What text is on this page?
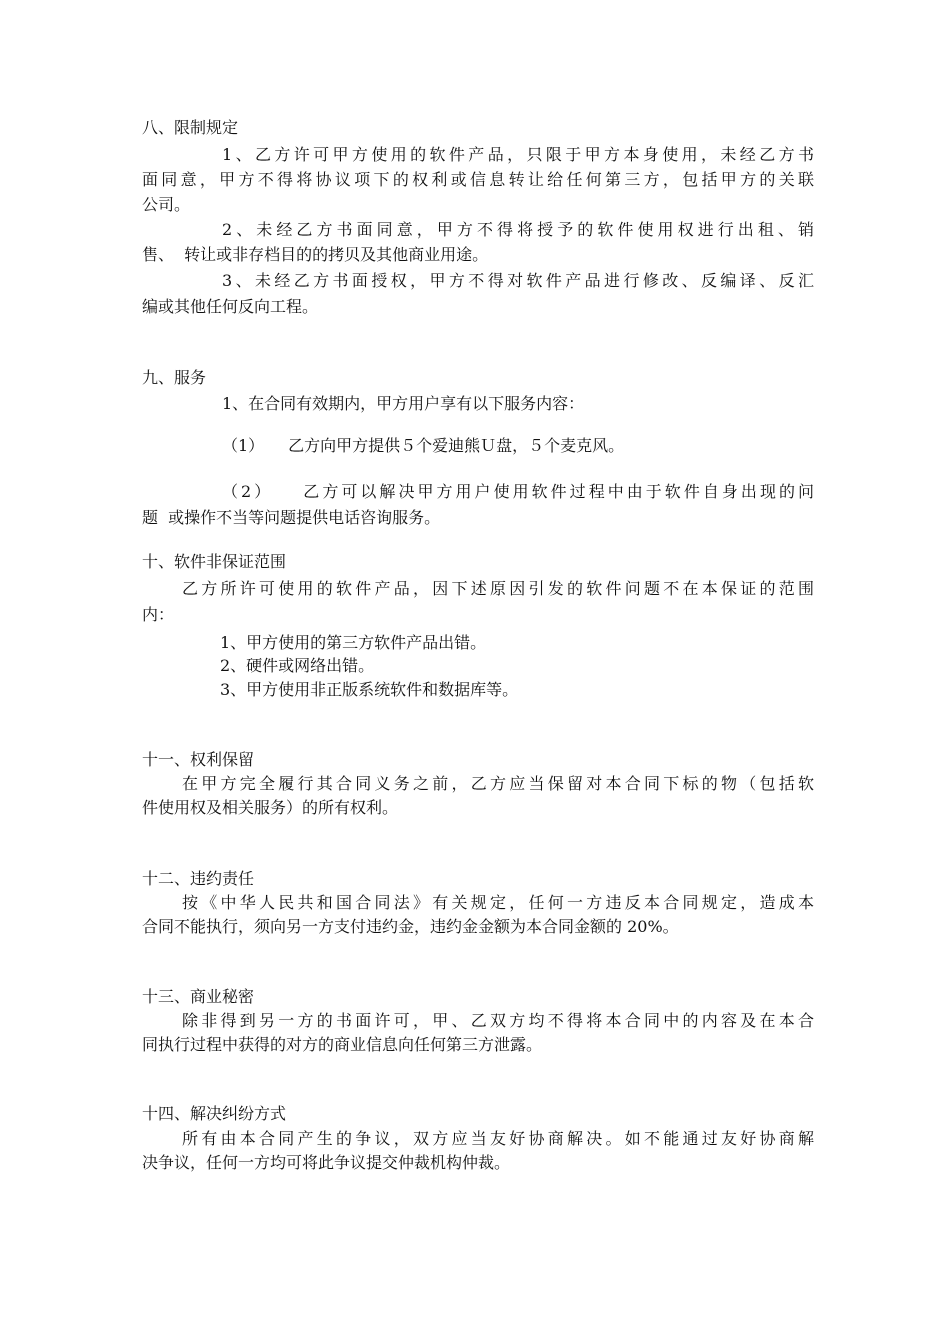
八、限制规定

1、乙方许可甲方使用的软件产品，只限于甲方本身使用，未经乙方书

面同意，甲方不得将协议项下的权利或信息转让给任何第三方，包括甲方的关联

公司。

2、未经乙方书面同意，甲方不得将授予的软件使用权进行出租、销

售、  转让或非存档目的的拷贝及其他商业用途。

3、未经乙方书面授权，甲方不得对软件产品进行修改、反编译、反汇

编或其他任何反向工程。

九、服务

1、在合同有效期内，甲方用户享有以下服务内容：

（1）　　乙方向甲方提供５个爱迪熊Ｕ盘，５个麦克风。

（2）　　乙方可以解决甲方用户使用软件过程中由于软件自身出现的问

题  或操作不当等问题提供电话咨询服务。

十、软件非保证范围

乙方所许可使用的软件产品，因下述原因引发的软件问题不在本保证的范围

内：

1、甲方使用的第三方软件产品出错。

2、硬件或网络出错。

3、甲方使用非正版系统软件和数据库等。

十一、权利保留

在甲方完全履行其合同义务之前，乙方应当保留对本合同下标的物（包括软

件使用权及相关服务）的所有权利。

十二、违约责任

按《中华人民共和国合同法》有关规定，任何一方违反本合同规定，造成本

合同不能执行，须向另一方支付违约金，违约金金额为本合同金额的 20%。

十三、商业秘密

除非得到另一方的书面许可，甲、乙双方均不得将本合同中的内容及在本合

同执行过程中获得的对方的商业信息向任何第三方泄露。

十四、解决纠纷方式

所有由本合同产生的争议，双方应当友好协商解决。如不能通过友好协商解

决争议，任何一方均可将此争议提交仲裁机构仲裁。
